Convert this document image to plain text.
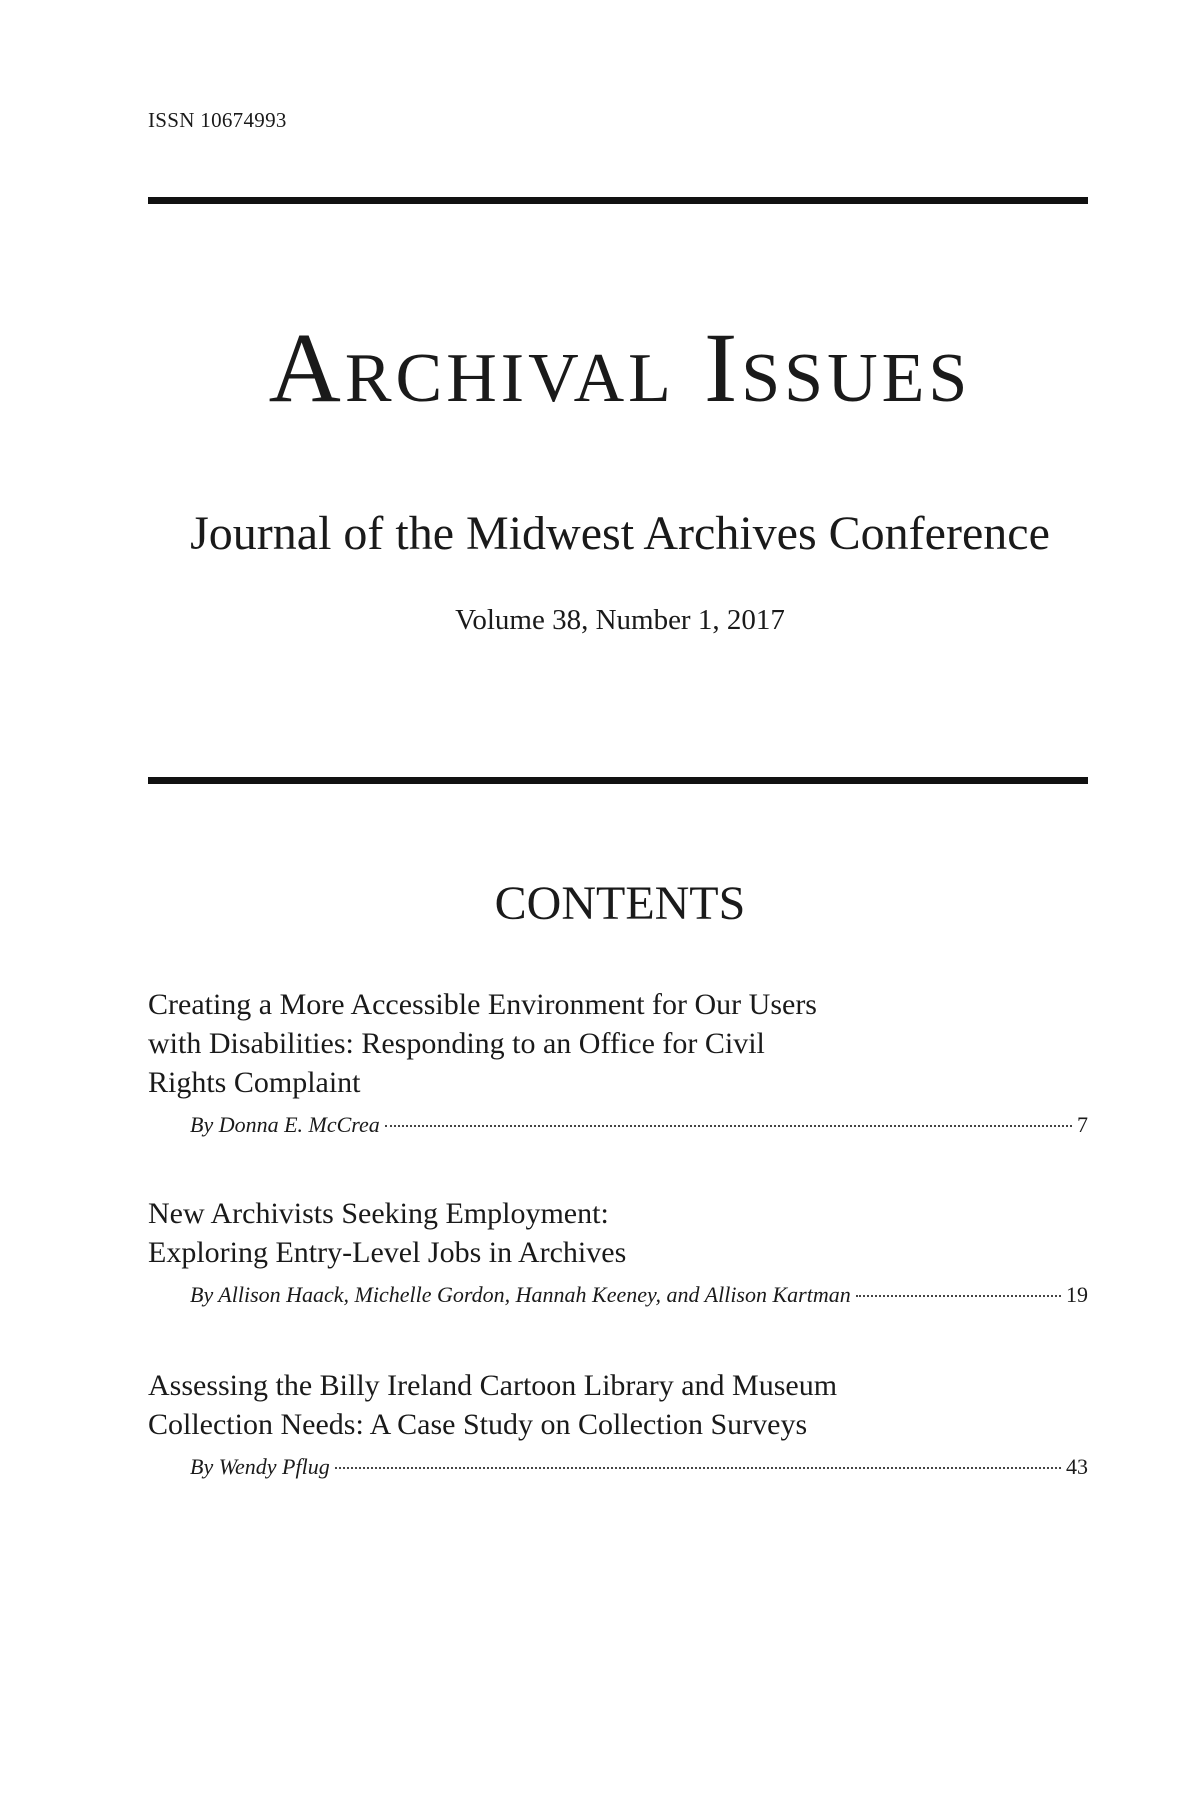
ISSN 10674993
Archival Issues
Journal of the Midwest Archives Conference
Volume 38, Number 1, 2017
CONTENTS
Creating a More Accessible Environment for Our Users
with Disabilities: Responding to an Office for Civil
Rights Complaint
By Donna E. McCrea	7
New Archivists Seeking Employment:
Exploring Entry-Level Jobs in Archives
By Allison Haack, Michelle Gordon, Hannah Keeney, and Allison Kartman	19
Assessing the Billy Ireland Cartoon Library and Museum
Collection Needs: A Case Study on Collection Surveys
By Wendy Pflug	43
